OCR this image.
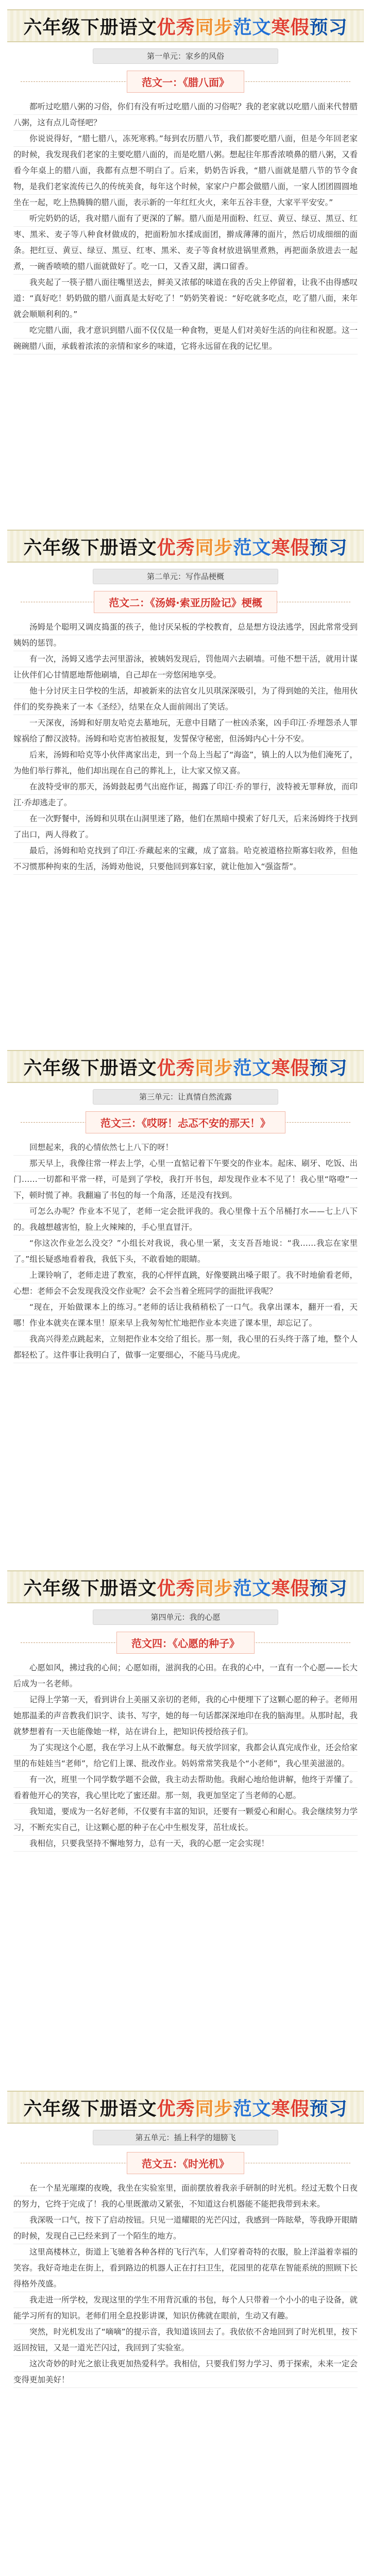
六年级下册语文优秀同步范文寒假预习
第一单元：家乡的风俗
范文一：《腊八面》

都听过吃腊八粥的习俗，你们有没有听过吃腊八面的习俗呢？我的老家就以吃腊八面来代替腊八粥，这有点儿奇怪吧？

你说说得好，“腊七腊八，冻死寒鸦。”每到农历腊八节，我们都要吃腊八面，但是今年回老家的时候，我发现我们老家的主要吃腊八面的，而是吃腊八粥。想起往年那香浓喷鼻的腊八粥，又看看今年桌上的腊八面，我都有点想不明白了。后来，奶奶告诉我，“腊八面就是腊八节的节令食物，是我们老家流传已久的传统美食，每年这个时候，家家户户都会做腊八面，一家人团团圆圆地坐在一起，吃上热腾腾的腊八面，表示新的一年红红火火，来年五谷丰登，大家平平安安。”

听完奶奶的话，我对腊八面有了更深的了解。腊八面是用面粉、红豆、黄豆、绿豆、黑豆、红枣、黑米、麦子等八种食材做成的，把面粉加水揉成面团，擀成薄薄的面片，然后切成细细的面条。把红豆、黄豆、绿豆、黑豆、红枣、黑米、麦子等食材放进锅里煮熟，再把面条放进去一起煮，一碗香喷喷的腊八面就做好了。吃一口，又香又甜，满口留香。

我夹起了一筷子腊八面往嘴里送去，鲜美又浓郁的味道在我的舌尖上停留着，让我不由得感叹道：“真好吃！奶奶做的腊八面真是太好吃了！”奶奶笑着说：“好吃就多吃点，吃了腊八面，来年就会顺顺利利的。”

吃完腊八面，我才意识到腊八面不仅仅是一种食物，更是人们对美好生活的向往和祝愿。这一碗碗腊八面，承载着浓浓的亲情和家乡的味道，它将永远留在我的记忆里。

六年级下册语文优秀同步范文寒假预习
第二单元：写作品梗概
范文二：《汤姆·索亚历险记》梗概

汤姆是个聪明又调皮捣蛋的孩子，他讨厌呆板的学校教育，总是想方设法逃学，因此常常受到姨妈的惩罚。

有一次，汤姆又逃学去河里游泳，被姨妈发现后，罚他周六去刷墙。可他不想干活，就用计谋让伙伴们心甘情愿地帮他刷墙，自己却在一旁悠闲地享受。

他十分讨厌主日学校的生活，却被新来的法官女儿贝琪深深吸引，为了得到她的关注，他用伙伴们的奖券换来了一本《圣经》，结果在众人面前闹出了笑话。

一天深夜，汤姆和好朋友哈克去墓地玩，无意中目睹了一桩凶杀案，凶手印江·乔埋怨杀人罪嫁祸给了醉汉波特。汤姆和哈克害怕被报复，发誓保守秘密，但汤姆内心十分不安。

后来，汤姆和哈克等小伙伴离家出走，到一个岛上当起了“海盗”，镇上的人以为他们淹死了，为他们举行葬礼，他们却出现在自己的葬礼上，让大家又惊又喜。

在波特受审的那天，汤姆鼓起勇气出庭作证，揭露了印江·乔的罪行，波特被无罪释放，而印江·乔却逃走了。

在一次野餐中，汤姆和贝琪在山洞里迷了路，他们在黑暗中摸索了好几天，后来汤姆终于找到了出口，两人得救了。

最后，汤姆和哈克找到了印江·乔藏起来的宝藏，成了富翁。哈克被道格拉斯寡妇收养，但他不习惯那种拘束的生活，汤姆劝他说，只要他回到寡妇家，就让他加入“强盗帮”。

六年级下册语文优秀同步范文寒假预习
第三单元：让真情自然流露
范文三：《哎呀！忐忑不安的那天！》

回想起来，我的心情依然七上八下的呀！

那天早上，我像往常一样去上学，心里一直惦记着下午要交的作业本。起床、刷牙、吃饭、出门……一切都和平常一样，可是到了学校，我打开书包，却发现作业本不见了！我心里“咯噔”一下，顿时慌了神。我翻遍了书包的每一个角落，还是没有找到。

可怎么办呢？作业本不见了，老师一定会批评我的。我心里像十五个吊桶打水——七上八下的。我越想越害怕，脸上火辣辣的，手心里直冒汗。

“你这次作业怎么没交？”小组长对我说，我心里一紧，支支吾吾地说：“我……我忘在家里了。”组长疑惑地看着我，我低下头，不敢看她的眼睛。

上课铃响了，老师走进了教室，我的心怦怦直跳，好像要跳出嗓子眼了。我不时地偷看老师，心想：老师会不会发现我没交作业呢？会不会当着全班同学的面批评我呢？

“现在，开始做课本上的练习。”老师的话让我稍稍松了一口气。我拿出课本，翻开一看，天哪！作业本就夹在课本里！原来早上我匆匆忙忙地把作业本夹进了课本里，却忘记了。

我高兴得差点跳起来，立刻把作业本交给了组长。那一刻，我心里的石头终于落了地，整个人都轻松了。这件事让我明白了，做事一定要细心，不能马马虎虎。

六年级下册语文优秀同步范文寒假预习
第四单元：我的心愿
范文四：《心愿的种子》

心愿如风，拂过我的心间；心愿如雨，滋润我的心田。在我的心中，一直有一个心愿——长大后成为一名老师。

记得上学第一天，看到讲台上美丽又亲切的老师，我的心中便埋下了这颗心愿的种子。老师用她那温柔的声音教我们识字、读书、写字，她的每一句话都深深地印在我的脑海里。从那时起，我就梦想着有一天也能像她一样，站在讲台上，把知识传授给孩子们。

为了实现这个心愿，我在学习上从不敢懈怠。每天放学回家，我都会认真完成作业，还会给家里的布娃娃当“老师”，给它们上课、批改作业。妈妈常常笑我是个“小老师”，我心里美滋滋的。

有一次，班里一个同学数学题不会做，我主动去帮助他。我耐心地给他讲解，他终于弄懂了。看着他开心的笑容，我心里比吃了蜜还甜。那一刻，我更加坚定了当老师的心愿。

我知道，要成为一名好老师，不仅要有丰富的知识，还要有一颗爱心和耐心。我会继续努力学习，不断充实自己，让这颗心愿的种子在心中生根发芽，茁壮成长。

我相信，只要我坚持不懈地努力，总有一天，我的心愿一定会实现！

六年级下册语文优秀同步范文寒假预习
第五单元：插上科学的翅膀飞
范文五：《时光机》

在一个星光璀璨的夜晚，我坐在实验室里，面前摆放着我亲手研制的时光机。经过无数个日夜的努力，它终于完成了！我的心里既激动又紧张，不知道这台机器能不能把我带到未来。

我深吸一口气，按下了启动按钮。只见一道耀眼的光芒闪过，我感到一阵眩晕，等我睁开眼睛的时候，发现自己已经来到了一个陌生的地方。

这里高楼林立，街道上飞驰着各种各样的飞行汽车，人们穿着奇特的衣服，脸上洋溢着幸福的笑容。我好奇地走在街上，看到路边的机器人正在打扫卫生，花园里的花草在智能系统的照顾下长得格外茂盛。

我走进一所学校，发现这里的学生不用背沉重的书包，每个人只带着一个小小的电子设备，就能学习所有的知识。老师们用全息投影讲课，知识仿佛就在眼前，生动又有趣。

突然，时光机发出了“嘀嘀”的提示音，我知道该回去了。我依依不舍地回到了时光机里，按下返回按钮，又是一道光芒闪过，我回到了实验室。

这次奇妙的时光之旅让我更加热爱科学。我相信，只要我们努力学习、勇于探索，未来一定会变得更加美好！
